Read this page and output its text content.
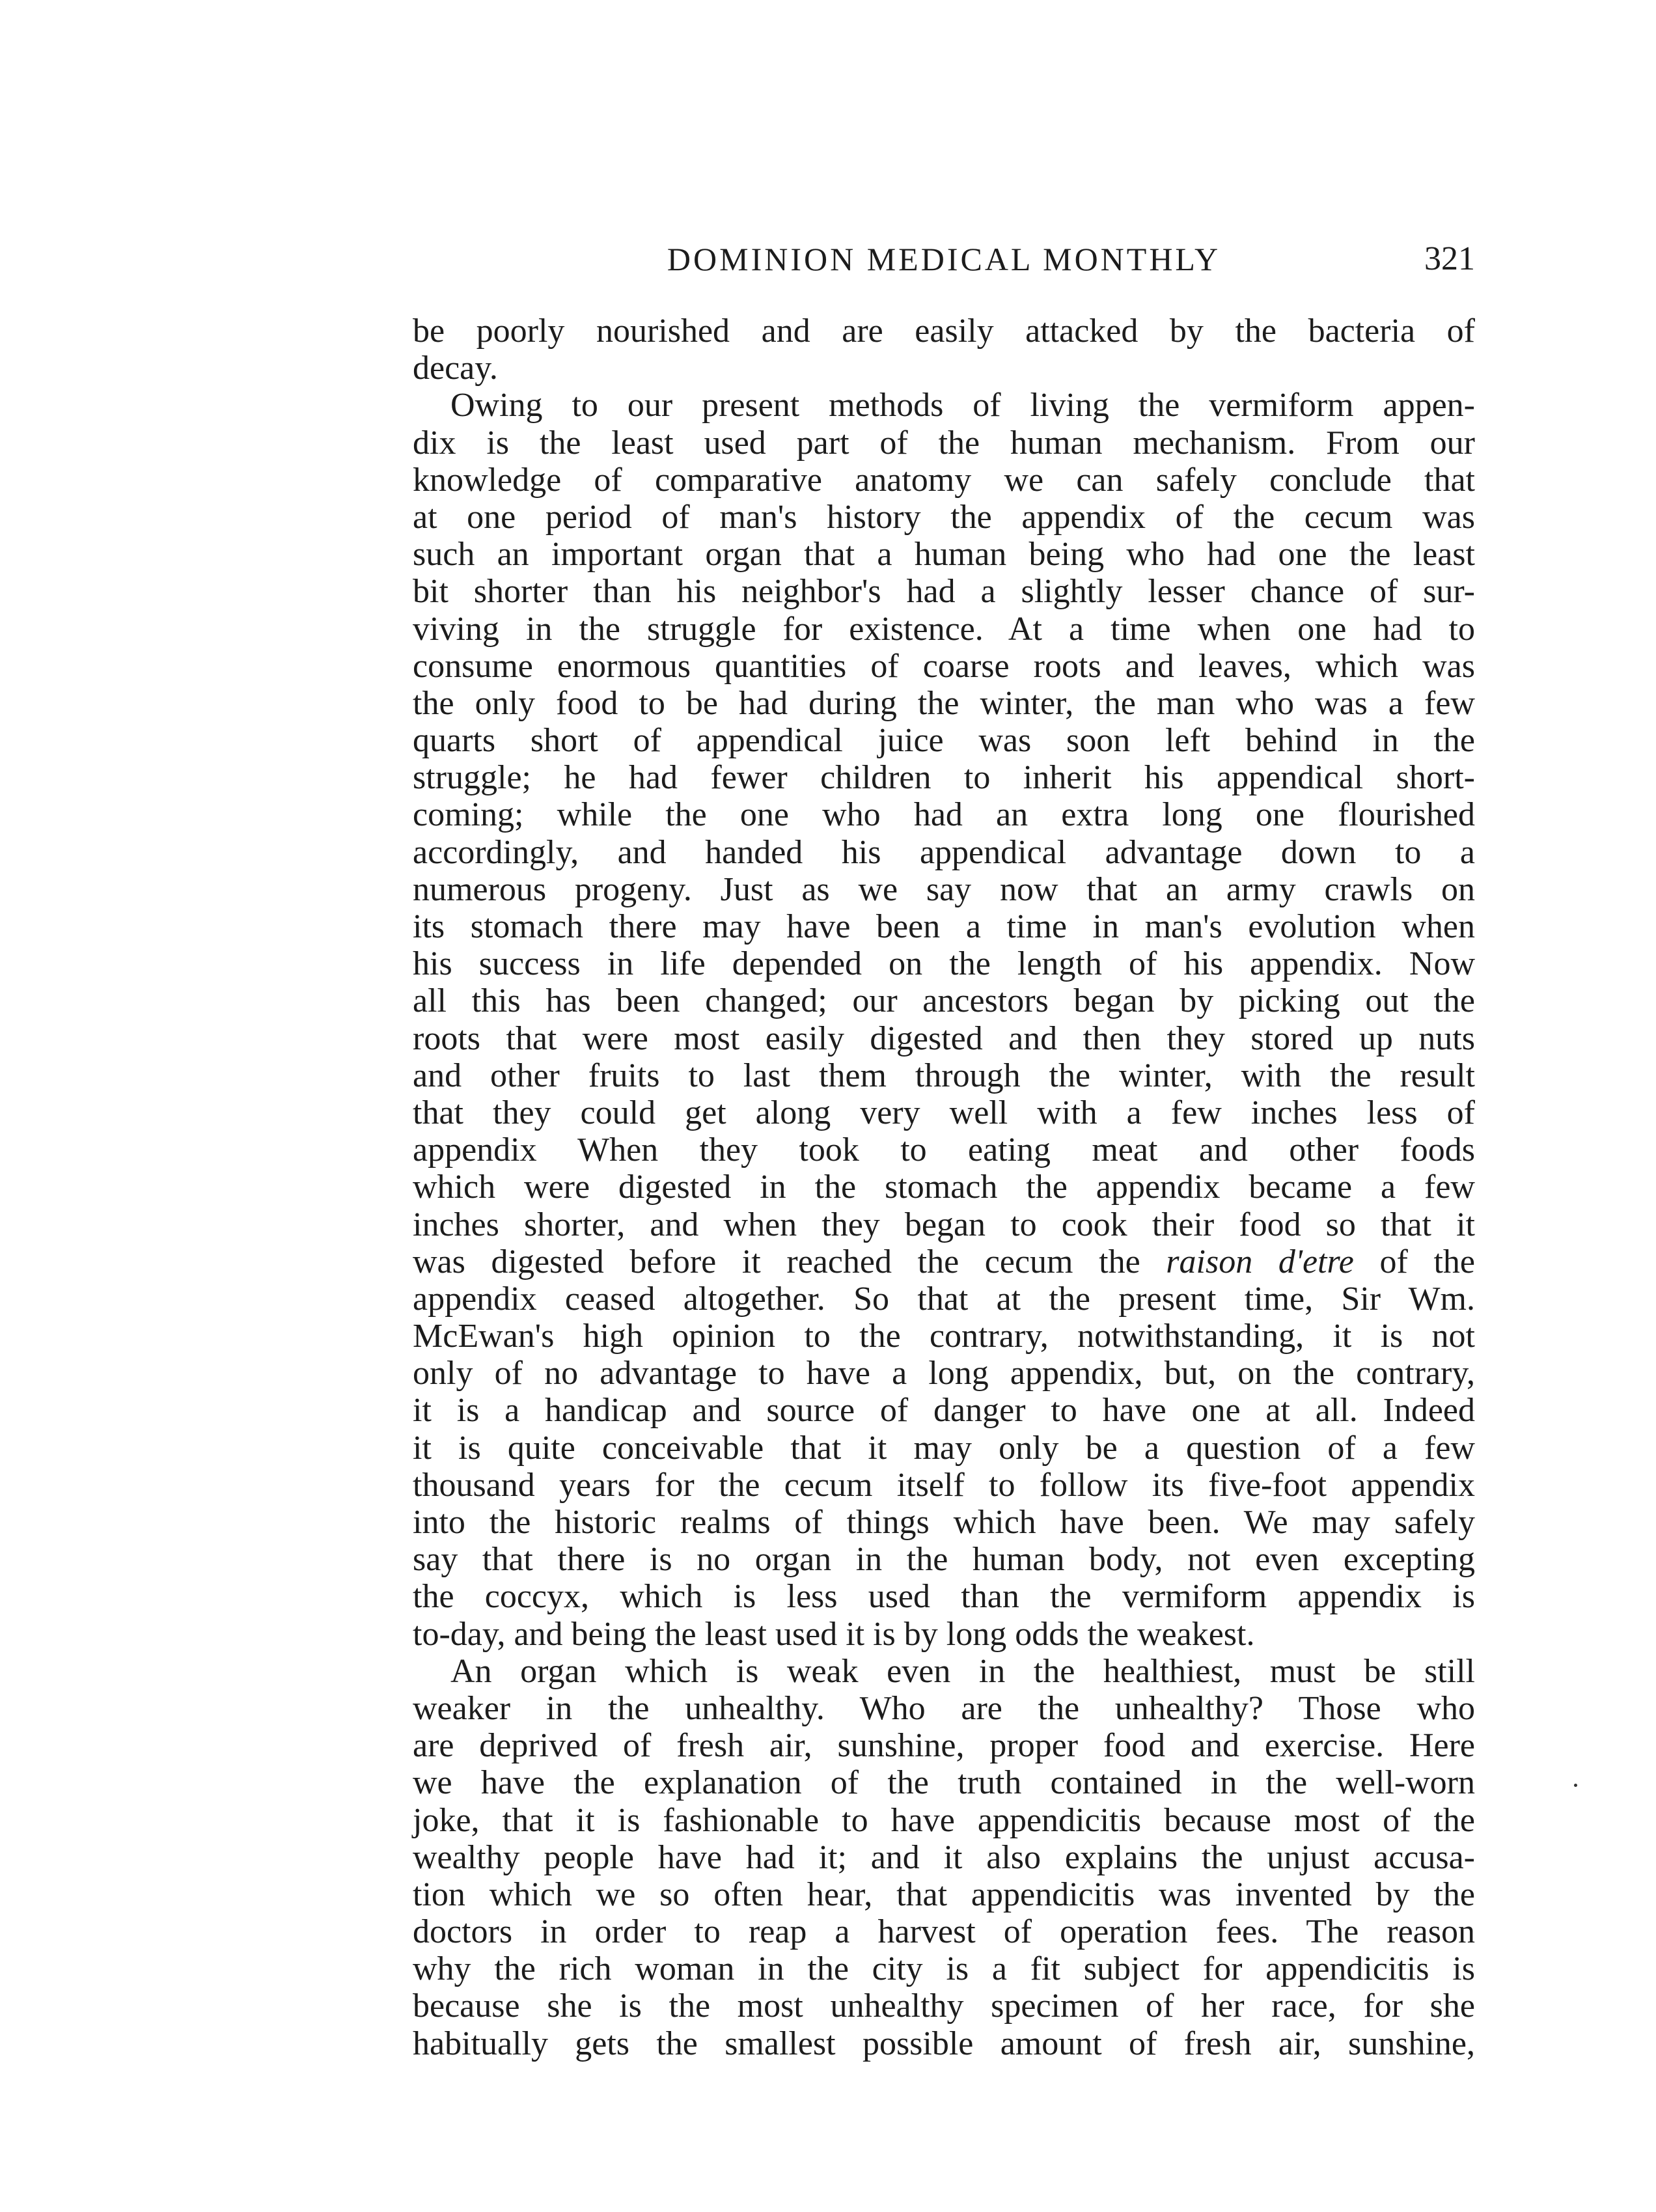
DOMINION MEDICAL MONTHLY	321
be poorly nourished and are easily attacked by the bacteria of
decay.
Owing to our present methods of living the vermiform appen-
dix is the least used part of the human mechanism. From our
knowledge of comparative anatomy we can safely conclude that
at one period of man's history the appendix of the cecum was
such an important organ that a human being who had one the least
bit shorter than his neighbor's had a slightly lesser chance of sur-
viving in the struggle for existence. At a time when one had to
consume enormous quantities of coarse roots and leaves, which was
the only food to be had during the winter, the man who was a few
quarts short of appendical juice was soon left behind in the
struggle; he had fewer children to inherit his appendical short-
coming; while the one who had an extra long one flourished
accordingly, and handed his appendical advantage down to a
numerous progeny. Just as we say now that an army crawls on
its stomach there may have been a time in man's evolution when
his success in life depended on the length of his appendix. Now
all this has been changed; our ancestors began by picking out the
roots that were most easily digested and then they stored up nuts
and other fruits to last them through the winter, with the result
that they could get along very well with a few inches less of
appendix When they took to eating meat and other foods
which were digested in the stomach the appendix became a few
inches shorter, and when they began to cook their food so that it
was digested before it reached the cecum the raison d'etre of the
appendix ceased altogether. So that at the present time, Sir Wm.
McEwan's high opinion to the contrary, notwithstanding, it is not
only of no advantage to have a long appendix, but, on the contrary,
it is a handicap and source of danger to have one at all. Indeed
it is quite conceivable that it may only be a question of a few
thousand years for the cecum itself to follow its five-foot appendix
into the historic realms of things which have been. We may safely
say that there is no organ in the human body, not even excepting
the coccyx, which is less used than the vermiform appendix is
to-day, and being the least used it is by long odds the weakest.
An organ which is weak even in the healthiest, must be still
weaker in the unhealthy. Who are the unhealthy? Those who
are deprived of fresh air, sunshine, proper food and exercise. Here
we have the explanation of the truth contained in the well-worn
joke, that it is fashionable to have appendicitis because most of the
wealthy people have had it; and it also explains the unjust accusa-
tion which we so often hear, that appendicitis was invented by the
doctors in order to reap a harvest of operation fees. The reason
why the rich woman in the city is a fit subject for appendicitis is
because she is the most unhealthy specimen of her race, for she
habitually gets the smallest possible amount of fresh air, sunshine,
